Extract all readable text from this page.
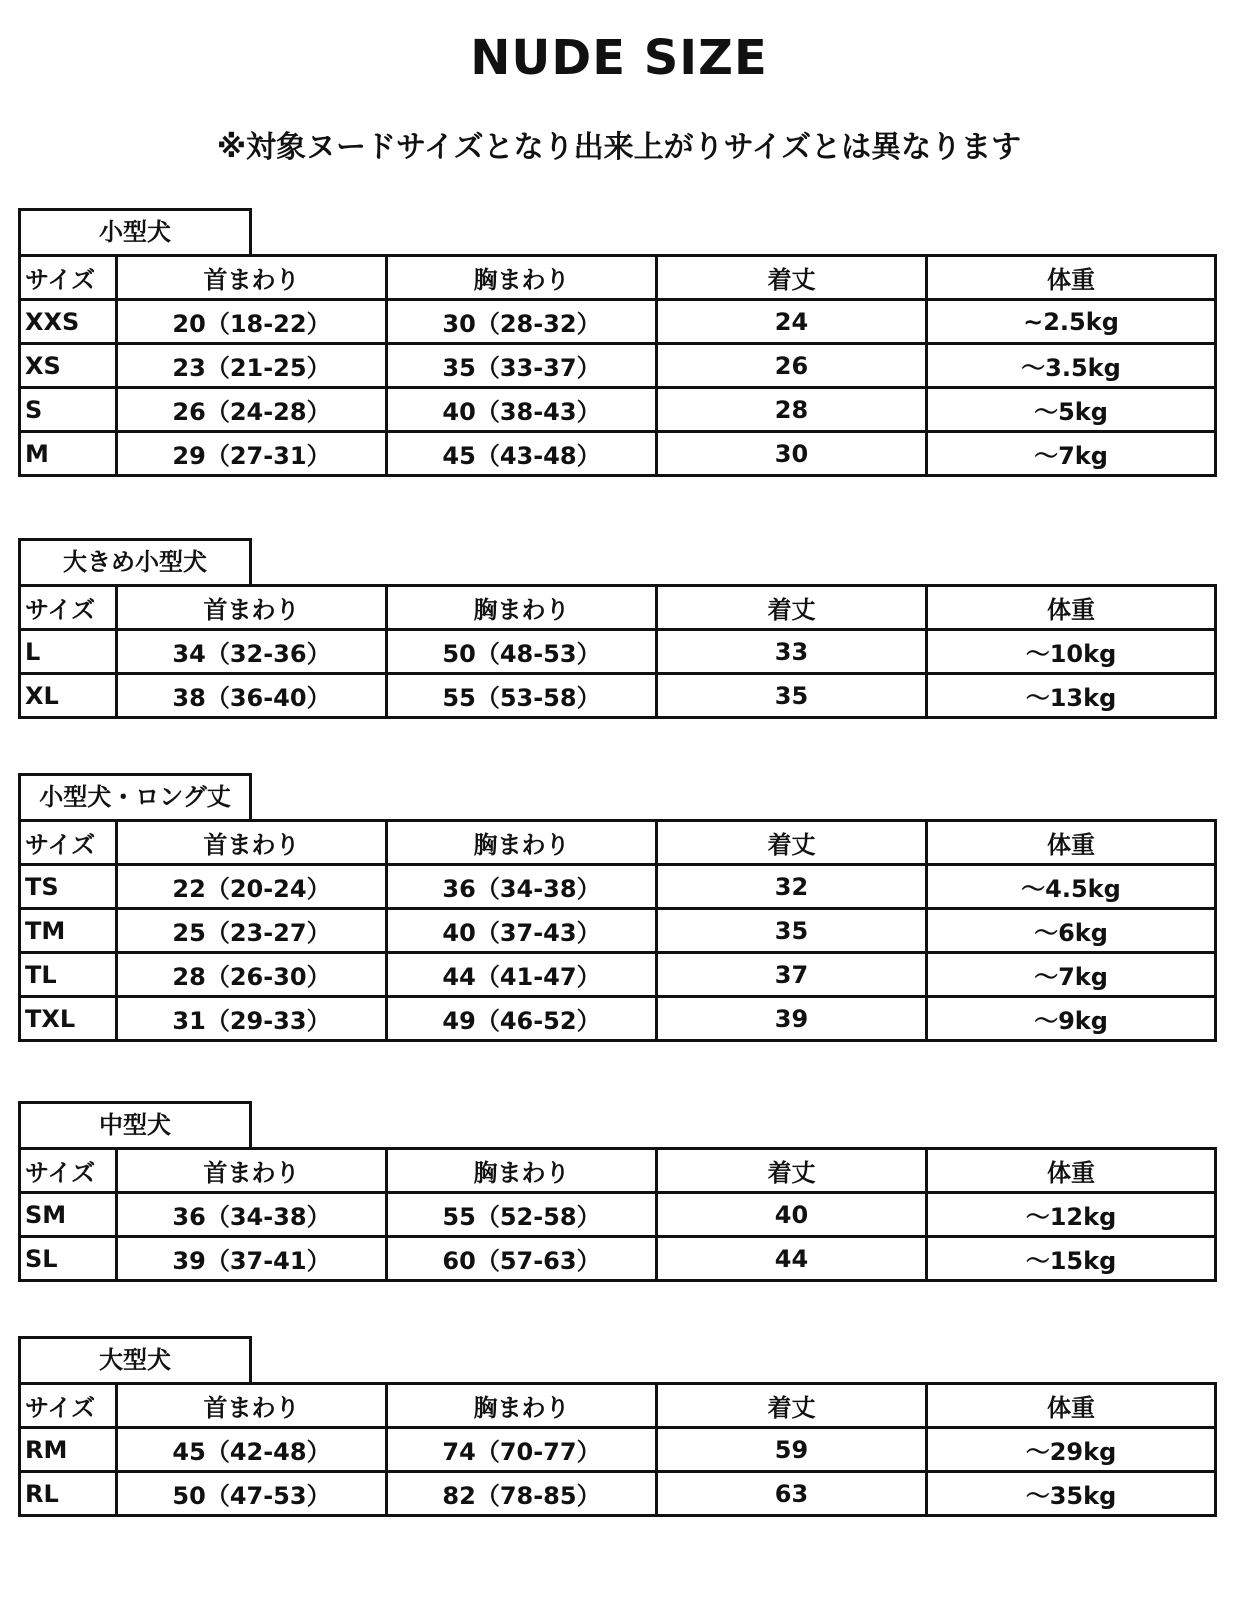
NUDE SIZE
※対象ヌードサイズとなり出来上がりサイズとは異なります
小型犬
サイズ	首まわり	胸まわり	着丈	体重
XXS	20（18-22）	30（28-32）	24	~2.5kg
XS	23（21-25）	35（33-37）	26	～3.5kg
S	26（24-28）	40（38-43）	28	～5kg
M	29（27-31）	45（43-48）	30	～7kg
大きめ小型犬
サイズ	首まわり	胸まわり	着丈	体重
L	34（32-36）	50（48-53）	33	～10kg
XL	38（36-40）	55（53-58）	35	～13kg
小型犬・ロング丈
サイズ	首まわり	胸まわり	着丈	体重
TS	22（20-24）	36（34-38）	32	～4.5kg
TM	25（23-27）	40（37-43）	35	～6kg
TL	28（26-30）	44（41-47）	37	～7kg
TXL	31（29-33）	49（46-52）	39	～9kg
中型犬
サイズ	首まわり	胸まわり	着丈	体重
SM	36（34-38）	55（52-58）	40	～12kg
SL	39（37-41）	60（57-63）	44	～15kg
大型犬
サイズ	首まわり	胸まわり	着丈	体重
RM	45（42-48）	74（70-77）	59	～29kg
RL	50（47-53）	82（78-85）	63	～35kg
